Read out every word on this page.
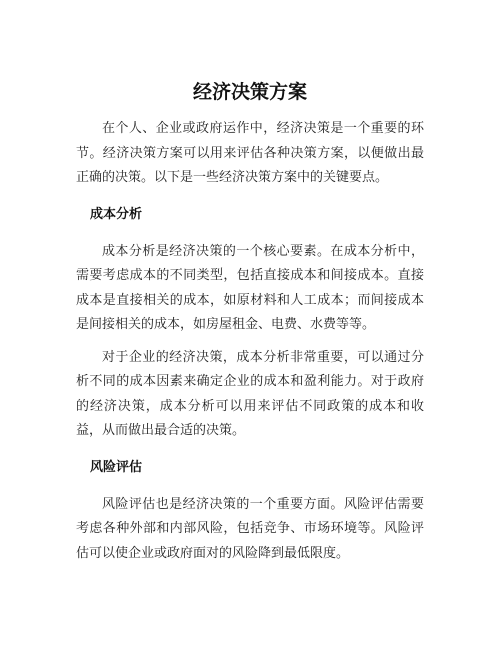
经济决策方案

在个人、企业或政府运作中，经济决策是一个重要的环节。经济决策方案可以用来评估各种决策方案，以便做出最正确的决策。以下是一些经济决策方案中的关键要点。

成本分析

成本分析是经济决策的一个核心要素。在成本分析中，需要考虑成本的不同类型，包括直接成本和间接成本。直接成本是直接相关的成本，如原材料和人工成本；而间接成本是间接相关的成本，如房屋租金、电费、水费等等。

对于企业的经济决策，成本分析非常重要，可以通过分析不同的成本因素来确定企业的成本和盈利能力。对于政府的经济决策，成本分析可以用来评估不同政策的成本和收益，从而做出最合适的决策。

风险评估

风险评估也是经济决策的一个重要方面。风险评估需要考虑各种外部和内部风险，包括竞争、市场环境等。风险评估可以使企业或政府面对的风险降到最低限度。
